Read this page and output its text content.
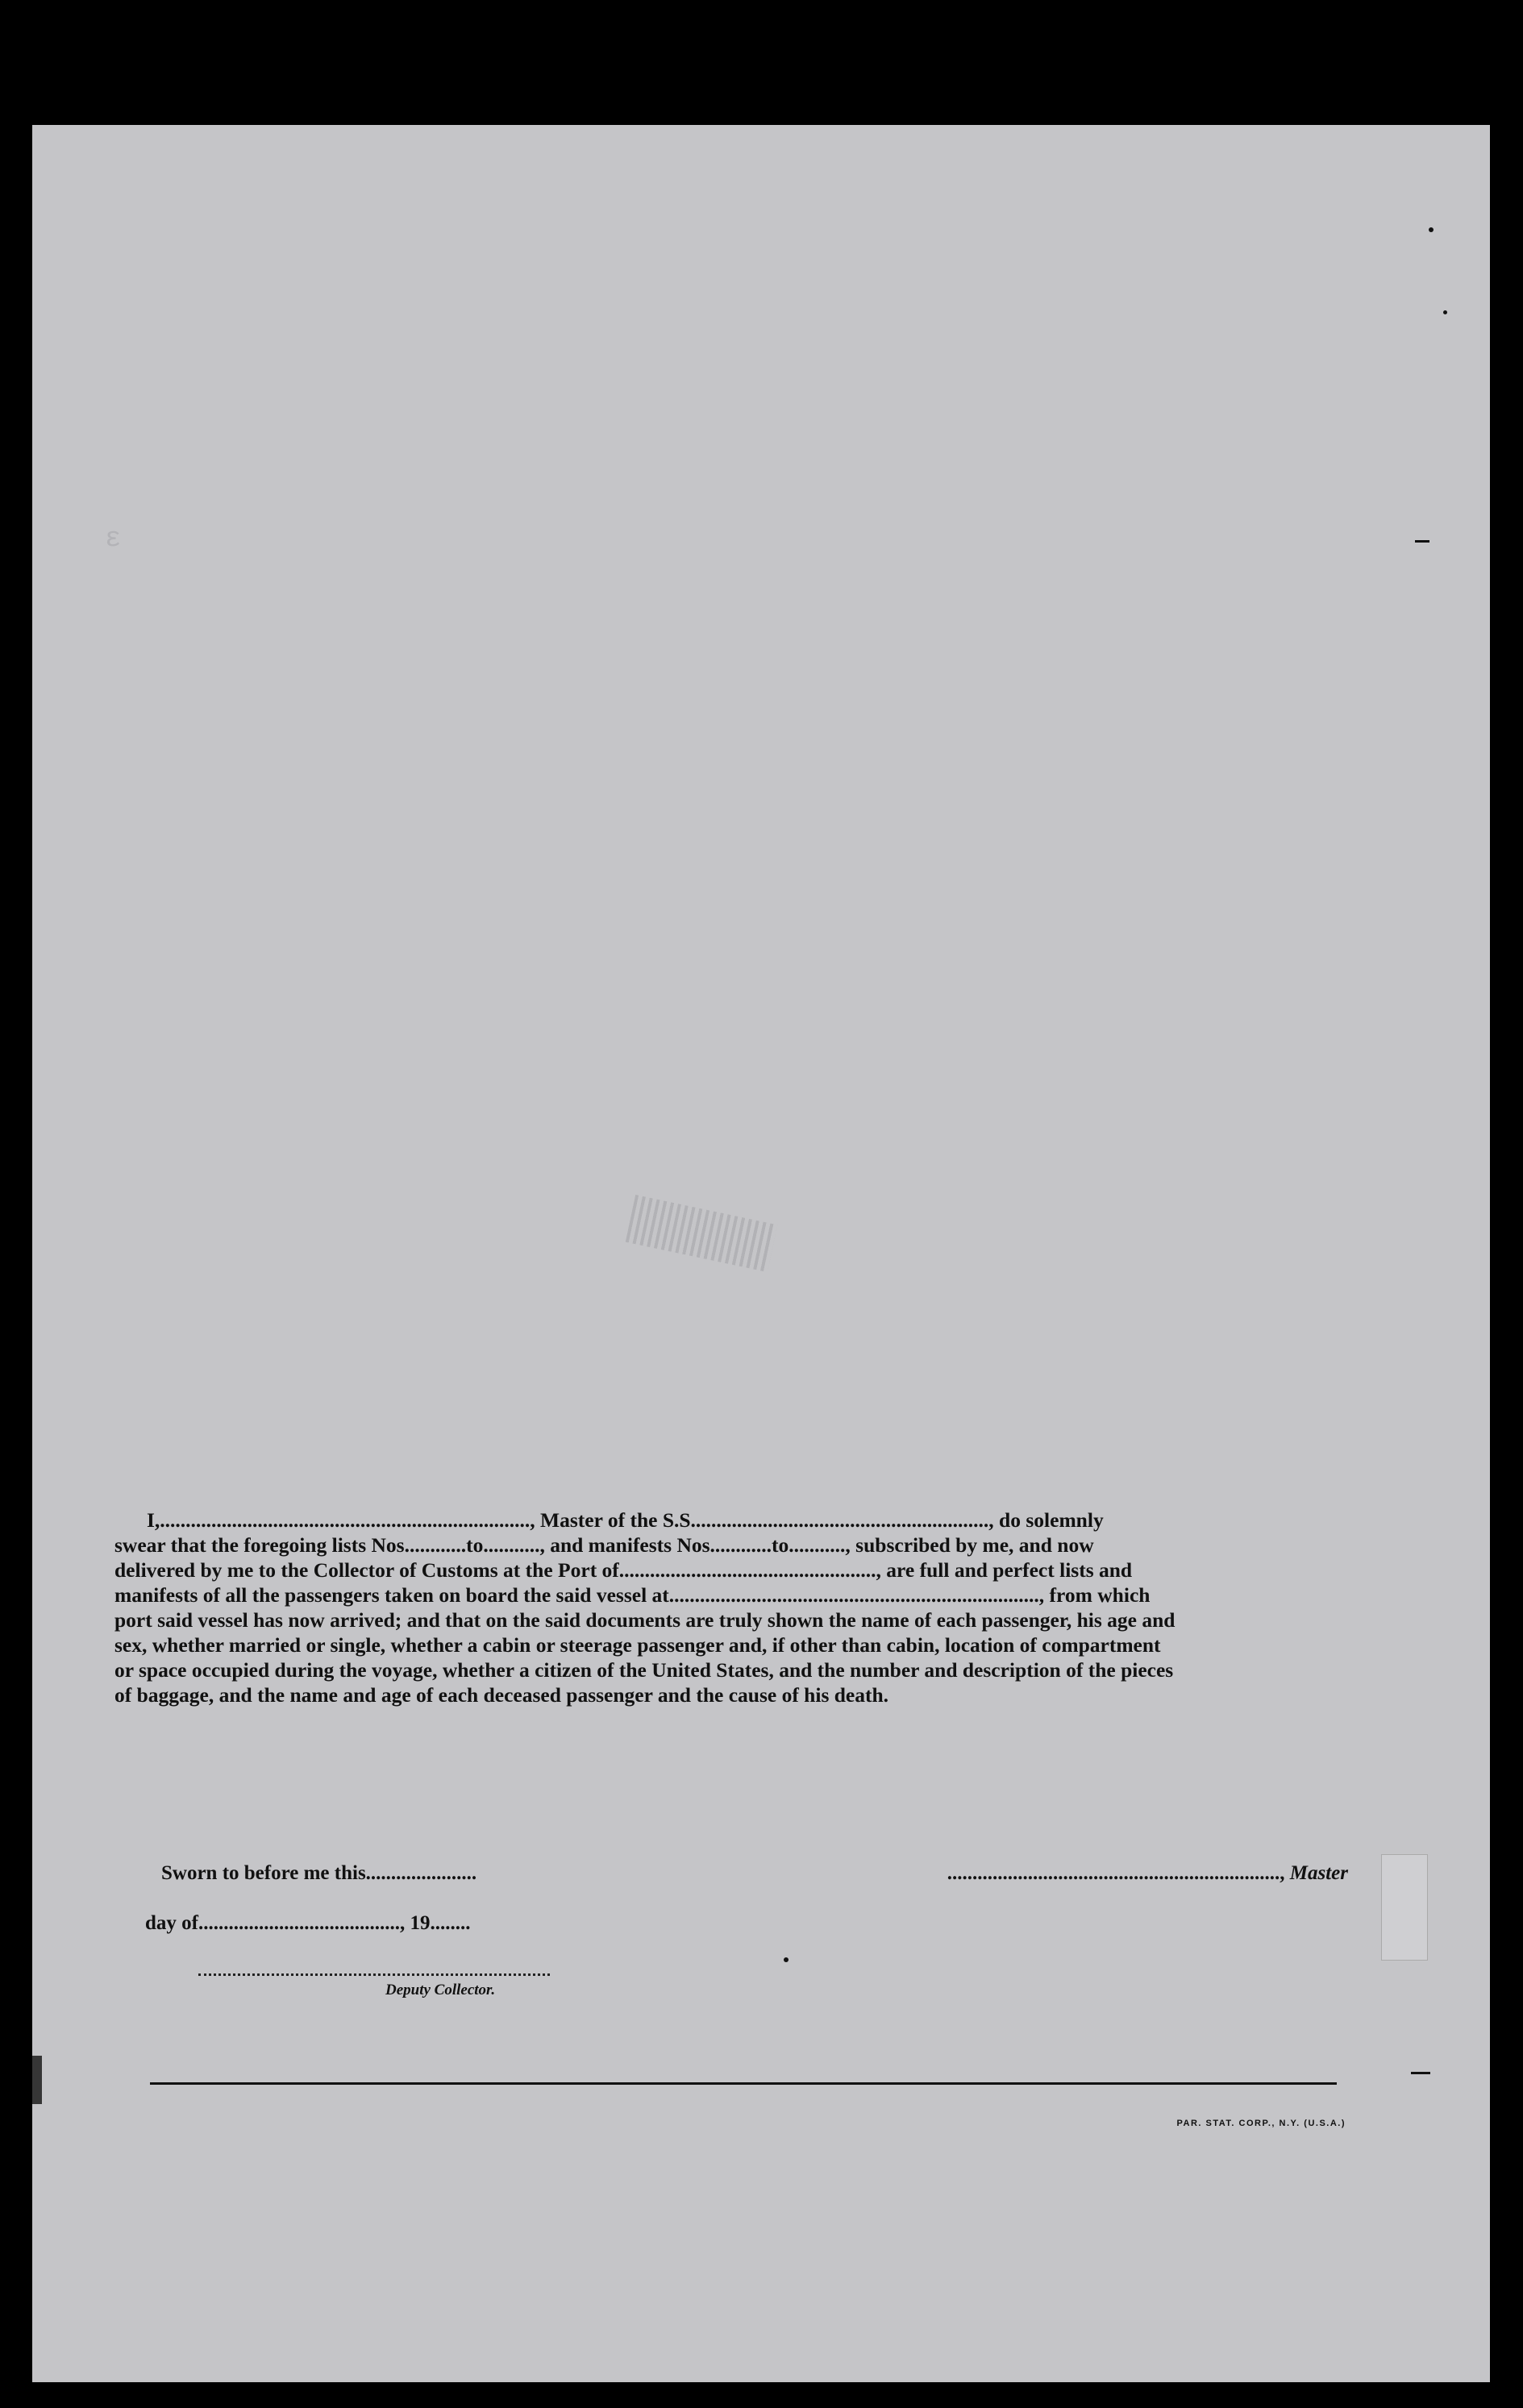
ε
I,........................................................................, Master of the S.S.........................................................., do solemnly
swear that the foregoing lists Nos............to..........., and manifests Nos............to..........., subscribed by me, and now
delivered by me to the Collector of Customs at the Port of.................................................., are full and perfect lists and
manifests of all the passengers taken on board the said vessel at........................................................................, from which
port said vessel has now arrived; and that on the said documents are truly shown the name of each passenger, his age and
sex, whether married or single, whether a cabin or steerage passenger and, if other than cabin, location of compartment
or space occupied during the voyage, whether a citizen of the United States, and the number and description of the pieces
of baggage, and the name and age of each deceased passenger and the cause of his death.
Sworn to before me this......................
day of........................................, 19........
.................................................................., Master
Deputy Collector.
PAR. STAT. CORP., N.Y. (U.S.A.)
